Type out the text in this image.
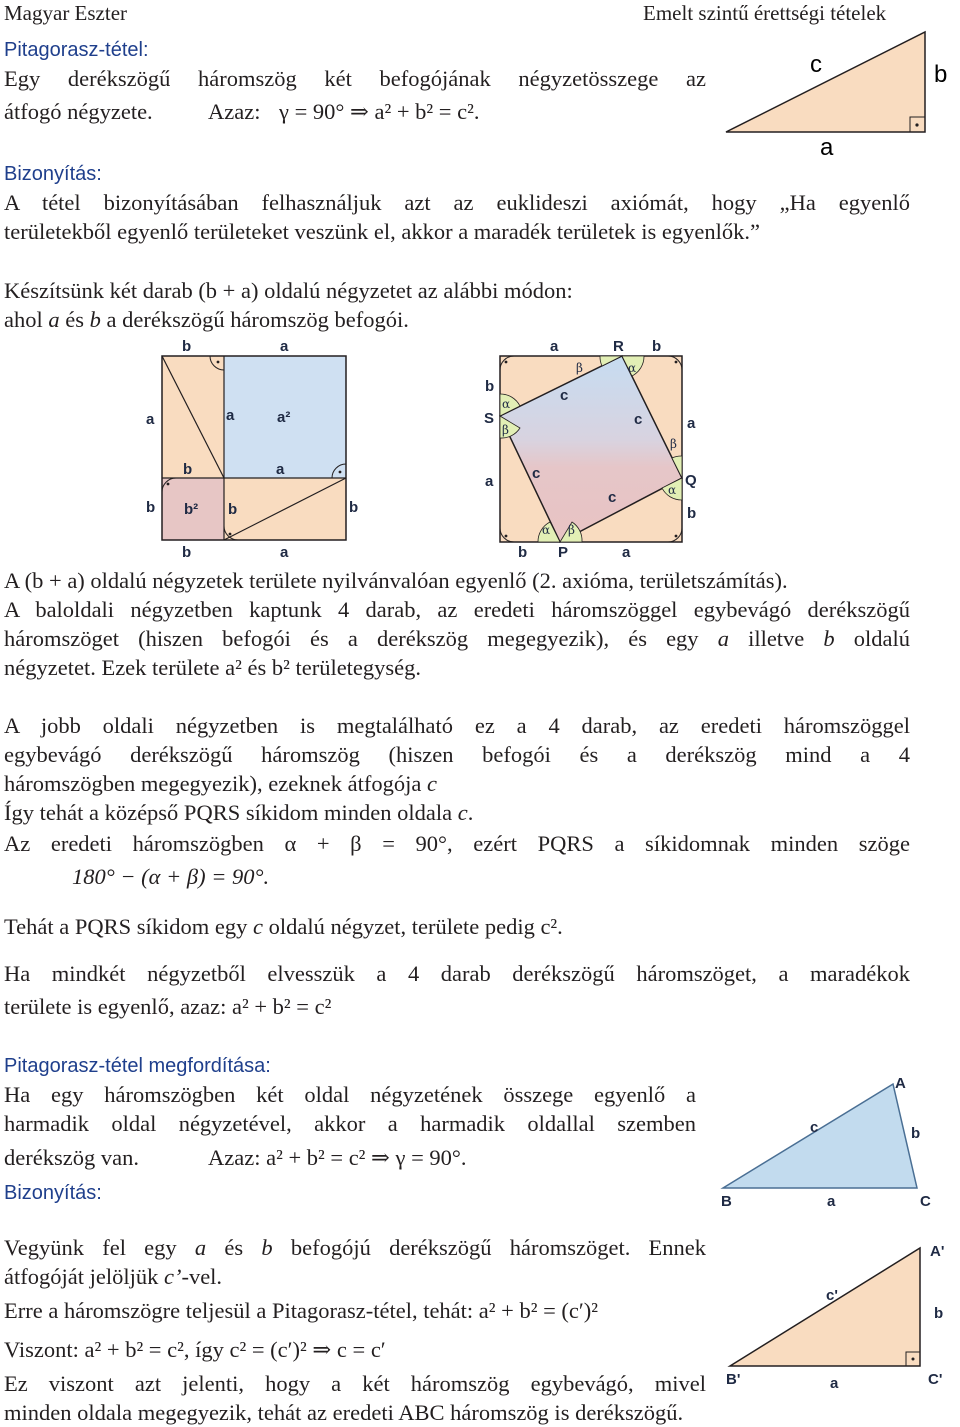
Magyar Eszter	Emelt szintű érettségi tételek
Pitagorasz-tétel:
Egy derékszögű háromszög két befogójának négyzetösszege az
átfogó négyzete. Azaz: γ = 90° ⇒ a² + b² = c².
c	b
a
Bizonyítás:
A tétel bizonyításában felhasználjuk azt az euklideszi axiómát, hogy „Ha egyenlő
területekből egyenlő területeket veszünk el, akkor a maradék területek is egyenlők.”
Készítsünk két darab (b + a) oldalú négyzetet az alábbi módon:
ahol a és b a derékszögű háromszög befogói.
b	a
a
b
b	a
a	a²
b	a
b² b	b
a	R b
b
S
a
a
Q
b
b P	a
c
c
c
c
α
β
β	α
β
α
α β
A (b + a) oldalú négyzetek területe nyilvánvalóan egyenlő (2. axióma, területszámítás).
A baloldali négyzetben kaptunk 4 darab, az eredeti háromszöggel egybevágó derékszögű
háromszöget (hiszen befogói és a derékszög megegyezik), és egy a illetve b oldalú
négyzetet. Ezek területe a² és b² területegység.
A jobb oldali négyzetben is megtalálható ez a 4 darab, az eredeti háromszöggel
egybevágó derékszögű háromszög (hiszen befogói és a derékszög mind a 4
háromszögben megegyezik), ezeknek átfogója c
Így tehát a középső PQRS síkidom minden oldala c.
Az eredeti háromszögben α + β = 90°, ezért PQRS a síkidomnak minden szöge
180° − (α + β) = 90°.
Tehát a PQRS síkidom egy c oldalú négyzet, területe pedig c².
Ha mindkét négyzetből elvesszük a 4 darab derékszögű háromszöget, a maradékok
területe is egyenlő, azaz: a² + b² = c²
Pitagorasz-tétel megfordítása:
Ha egy háromszögben két oldal négyzetének összege egyenlő a
harmadik oldal négyzetével, akkor a harmadik oldallal szemben
derékszög van.	Azaz: a² + b² = c² ⇒ γ = 90°.
Bizonyítás:
A
B	C
c	b
a
Vegyünk fel egy a és b befogójú derékszögű háromszöget. Ennek
átfogóját jelöljük c’-vel.
Erre a háromszögre teljesül a Pitagorasz-tétel, tehát: a² + b² = (c′)²
Viszont: a² + b² = c², így c² = (c′)² ⇒ c = c′
Ez viszont azt jelenti, hogy a két háromszög egybevágó, mivel
minden oldala megegyezik, tehát az eredeti ABC háromszög is derékszögű.
A'
B'	C'
c'
b
a
